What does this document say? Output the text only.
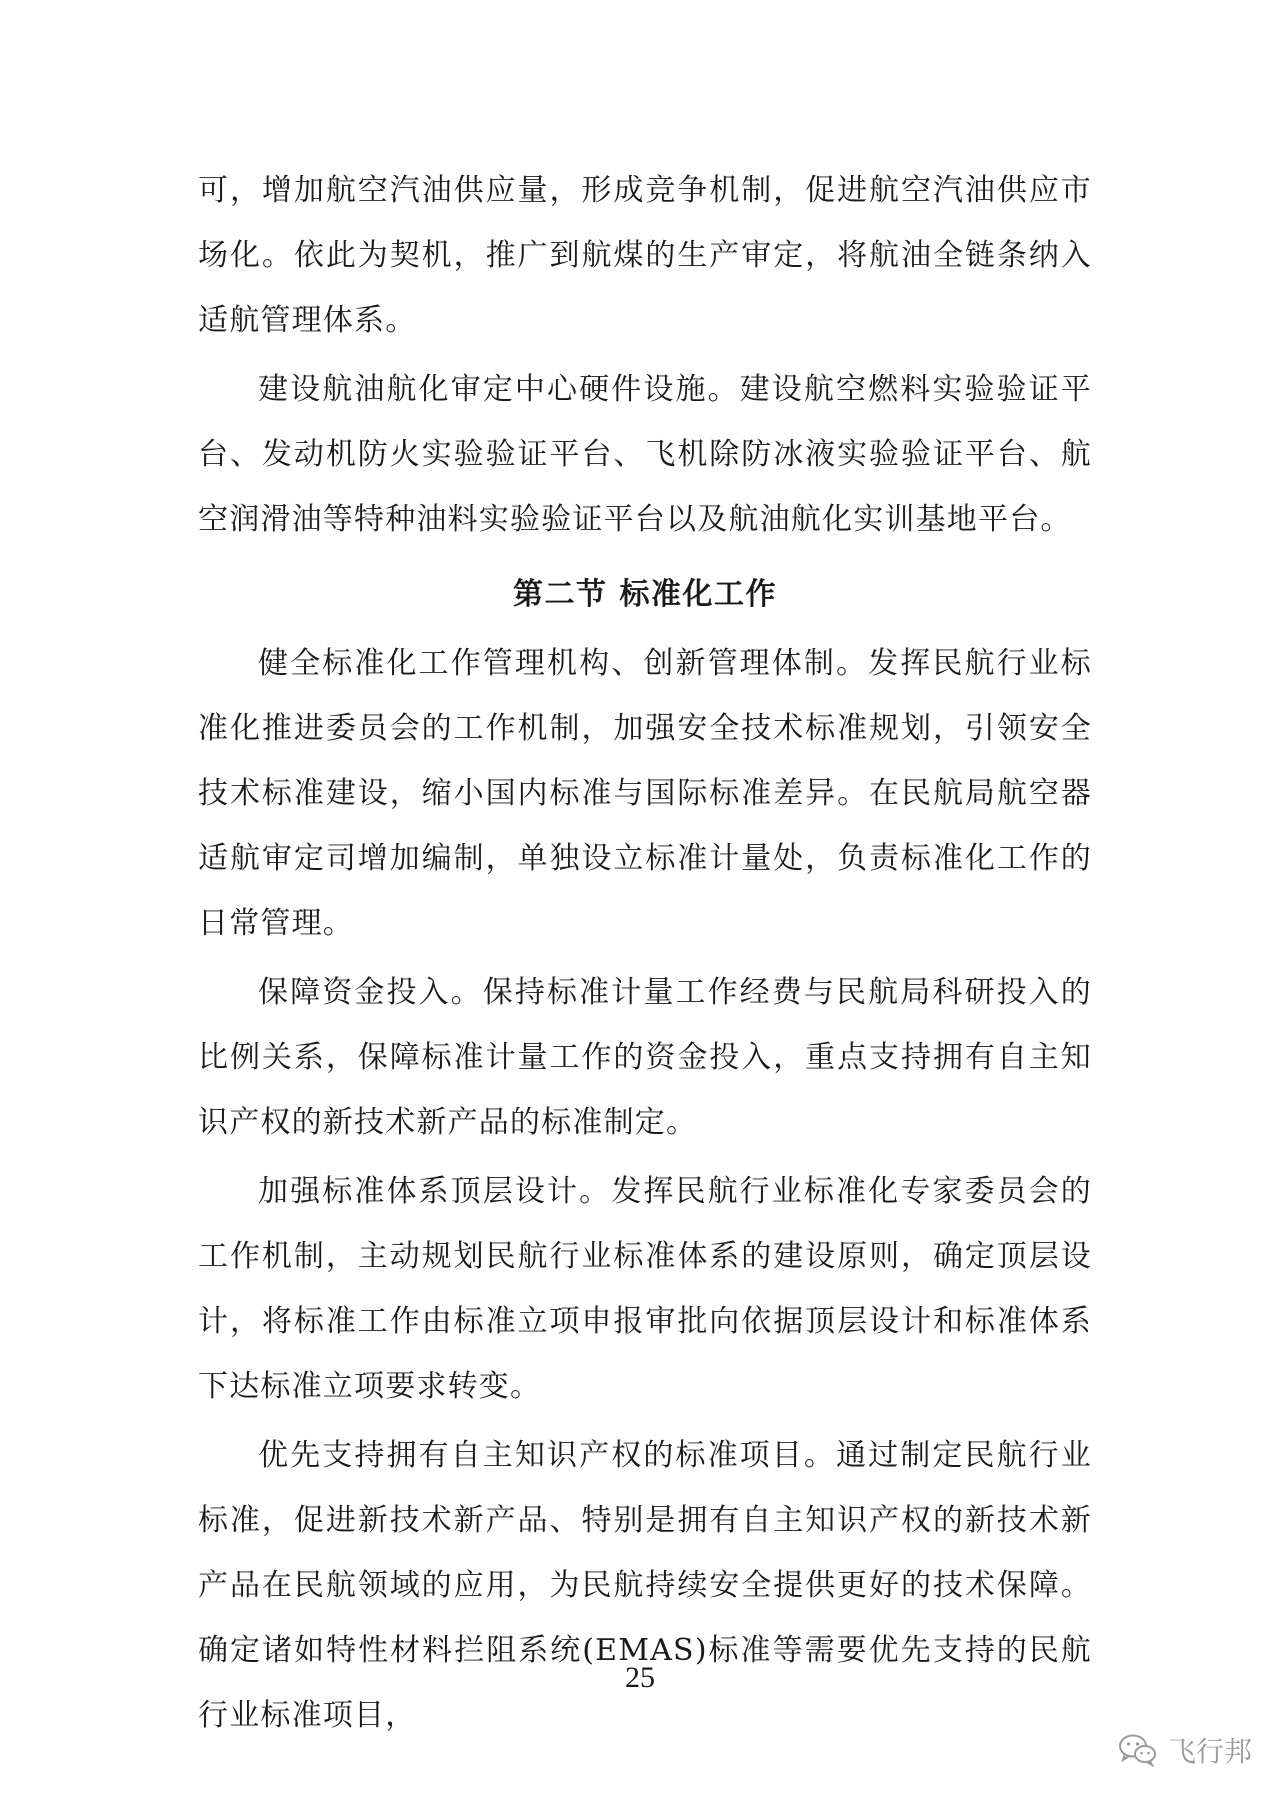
可，增加航空汽油供应量，形成竞争机制，促进航空汽油供应市场化。依此为契机，推广到航煤的生产审定，将航油全链条纳入适航管理体系。

建设航油航化审定中心硬件设施。建设航空燃料实验验证平台、发动机防火实验验证平台、飞机除防冰液实验验证平台、航空润滑油等特种油料实验验证平台以及航油航化实训基地平台。

第二节 标准化工作

健全标准化工作管理机构、创新管理体制。发挥民航行业标准化推进委员会的工作机制，加强安全技术标准规划，引领安全技术标准建设，缩小国内标准与国际标准差异。在民航局航空器适航审定司增加编制，单独设立标准计量处，负责标准化工作的日常管理。

保障资金投入。保持标准计量工作经费与民航局科研投入的比例关系，保障标准计量工作的资金投入，重点支持拥有自主知识产权的新技术新产品的标准制定。

加强标准体系顶层设计。发挥民航行业标准化专家委员会的工作机制，主动规划民航行业标准体系的建设原则，确定顶层设计，将标准工作由标准立项申报审批向依据顶层设计和标准体系下达标准立项要求转变。

优先支持拥有自主知识产权的标准项目。通过制定民航行业标准，促进新技术新产品、特别是拥有自主知识产权的新技术新产品在民航领域的应用，为民航持续安全提供更好的技术保障。确定诸如特性材料拦阻系统(EMAS)标准等需要优先支持的民航行业标准项目，

25
飞行邦
